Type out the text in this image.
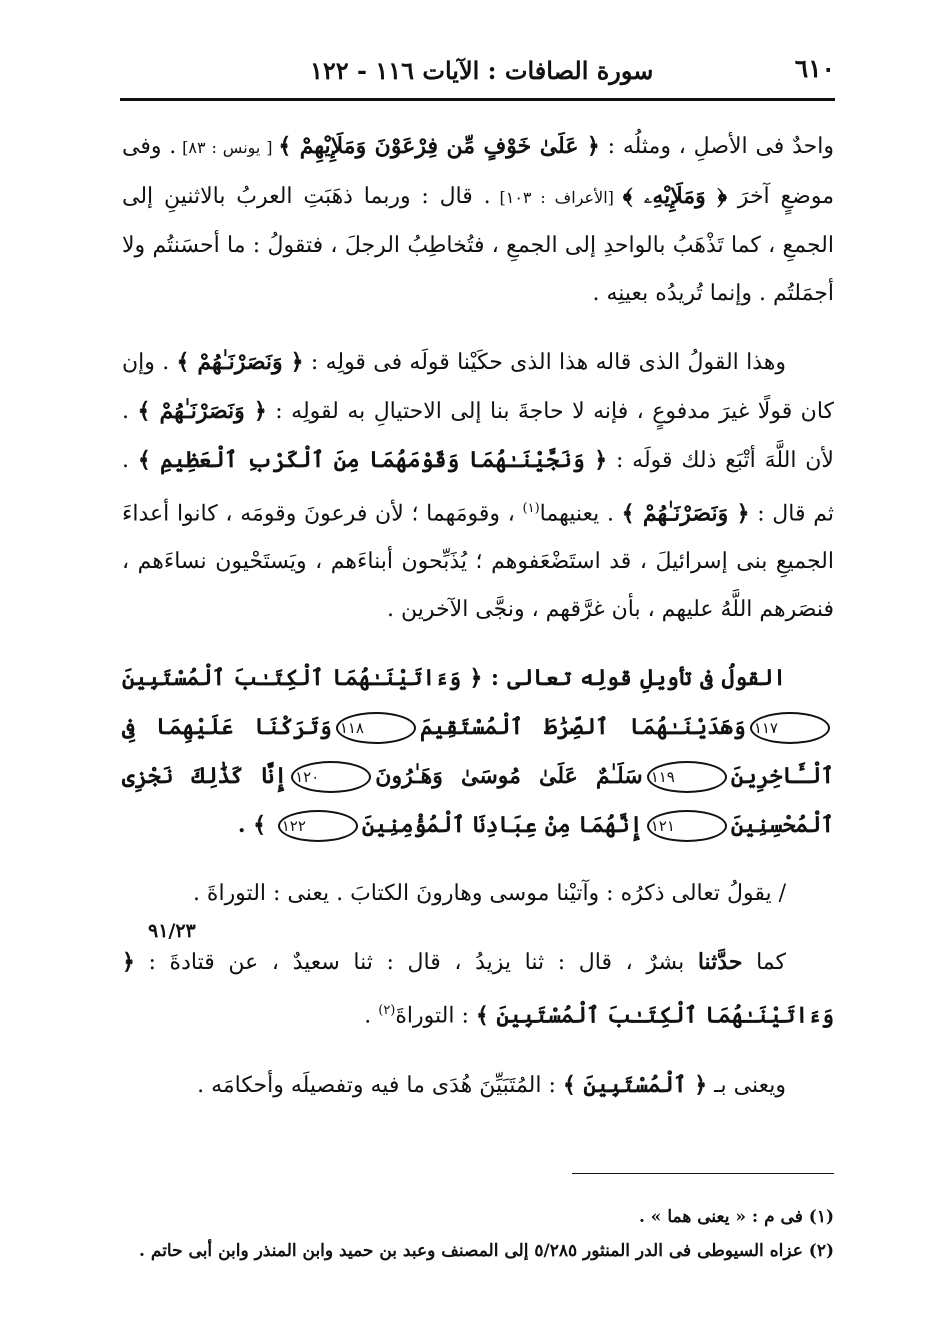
٦١٠
سورة الصافات : الآيات ١١٦ - ١٢٢

واحدٌ فى الأصلِ ، ومثلُه : ﴿ عَلَىٰ خَوْفٍ مِّن فِرْعَوْنَ وَمَلَإِيْهِمْ ﴾ [ يونس : ٨٣] . وفى موضعٍ آخرَ ﴿ وَمَلَإِيْهِۦ ﴾ [الأعراف : ١٠٣] . قال : وربما ذهَبَتِ العربُ بالاثنينِ إلى الجمعِ ، كما تَذْهَبُ بالواحدِ إلى الجمعِ ، فتُخاطِبُ الرجلَ ، فتقولُ : ما أحسَنتُم ولا أجمَلتُم . وإنما تُريدُه بعينِه .

وهذا القولُ الذى قاله هذا الذى حكَيْنا قولَه فى قولِه : ﴿ وَنَصَرْنَـٰهُمْ ﴾ . وإن كان قولًا غيرَ مدفوعٍ ، فإنه لا حاجةَ بنا إلى الاحتيالِ به لقولِه : ﴿ وَنَصَرْنَـٰهُمْ ﴾ . لأن اللَّهَ أتْبَع ذلك قولَه : ﴿ وَنَجَّيْنَـٰهُمَا وَقَوْمَهُمَا مِنَ ٱلْكَرْبِ ٱلْعَظِيمِ ﴾ . ثم قال : ﴿ وَنَصَرْنَـٰهُمْ ﴾ . يعنيهما$^{(١)}$ ، وقومَهما ؛ لأن فرعونَ وقومَه ، كانوا أعداءَ الجميعِ بنى إسرائيلَ ، قد استَضْعَفوهم ؛ يُذَبِّحون أبناءَهم ، ويَستَحْيون نساءَهم ، فنصَرهم اللَّهُ عليهم ، بأن غرَّقهم ، ونجَّى الآخرين .

القولُ فى تأويلِ قولِه تعالى : ﴿ وَءَاتَيْنَـٰهُمَا ٱلْكِتَـٰبَ ٱلْمُسْتَبِينَ١١٧وَهَدَيْنَـٰهُمَا ٱلصِّرَٰطَ ٱلْمُسْتَقِيمَ١١٨وَتَرَكْنَا عَلَيْهِمَا فِى ٱلْـَٔاخِرِينَ١١٩سَلَـٰمٌ عَلَىٰ مُوسَىٰ وَهَـٰرُونَ١٢٠إِنَّا كَذَٰلِكَ نَجْزِى ٱلْمُحْسِنِينَ١٢١إِنَّهُمَا مِنْ عِبَادِنَا ٱلْمُؤْمِنِينَ١٢٢ ﴾ .

/ يقولُ تعالى ذكرُه : وآتيْنا موسى وهارونَ الكتابَ . يعنى : التوراةَ .

كما حدَّثنا بشرٌ ، قال : ثنا يزيدُ ، قال : ثنا سعيدٌ ، عن قتادةَ : ﴿ وَءَاتَيْنَـٰهُمَا ٱلْكِتَـٰبَ ٱلْمُسْتَبِينَ ﴾ : التوراةَ$^{(٢)}$ .

ويعنى بـ ﴿ ٱلْمُسْتَبِينَ ﴾ : المُتَبَيِّنَ هُدَى ما فيه وتفصيلَه وأحكامَه .

٩١/٢٣

(١) فى م : « يعنى هما » .

(٢) عزاه السيوطى فى الدر المنثور ٥/٢٨٥ إلى المصنف وعبد بن حميد وابن المنذر وابن أبى حاتم .
